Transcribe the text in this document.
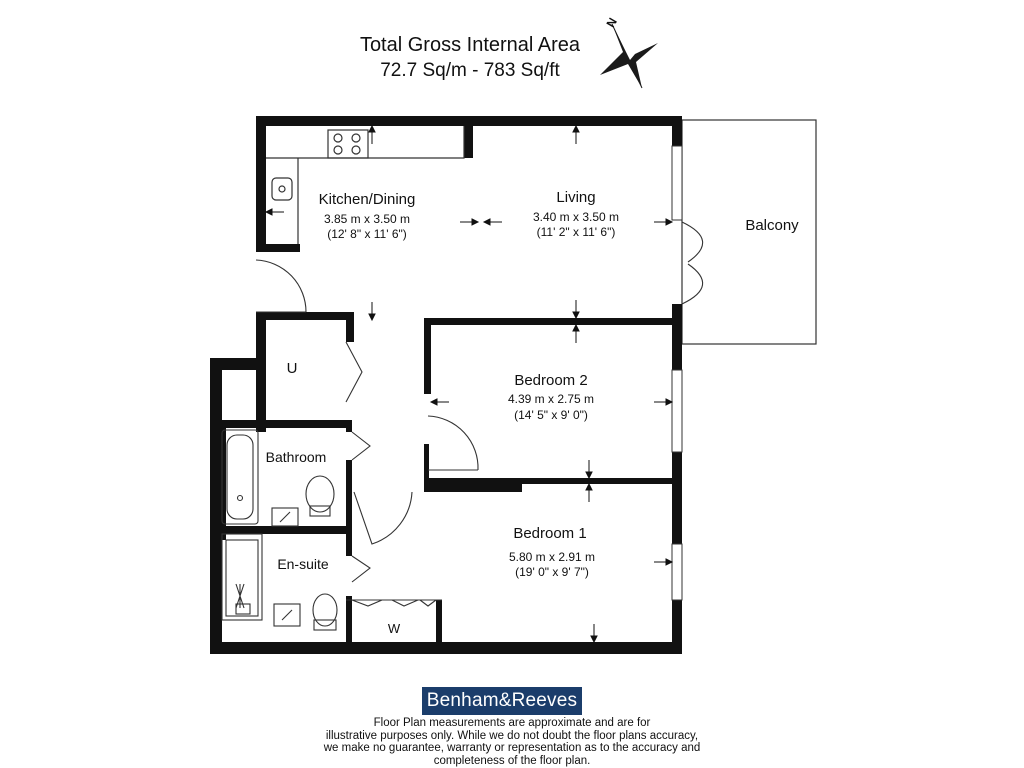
Total Gross Internal Area
72.7 Sq/m - 783 Sq/ft
N
Kitchen/Dining
3.85 m x 3.50 m
(12' 8" x 11' 6")
Living
3.40 m x 3.50 m
(11' 2" x 11' 6")	Balcony
U
Bedroom 2
4.39 m x 2.75 m
(14' 5" x 9' 0")
Bathroom
Bedroom 1
5.80 m x 2.91 m
(19' 0" x 9' 7")
En-suite
W
Benham&Reeves
Floor Plan measurements are approximate and are for
illustrative purposes only. While we do not doubt the floor plans accuracy,
we make no guarantee, warranty or representation as to the accuracy and
completeness of the floor plan.
